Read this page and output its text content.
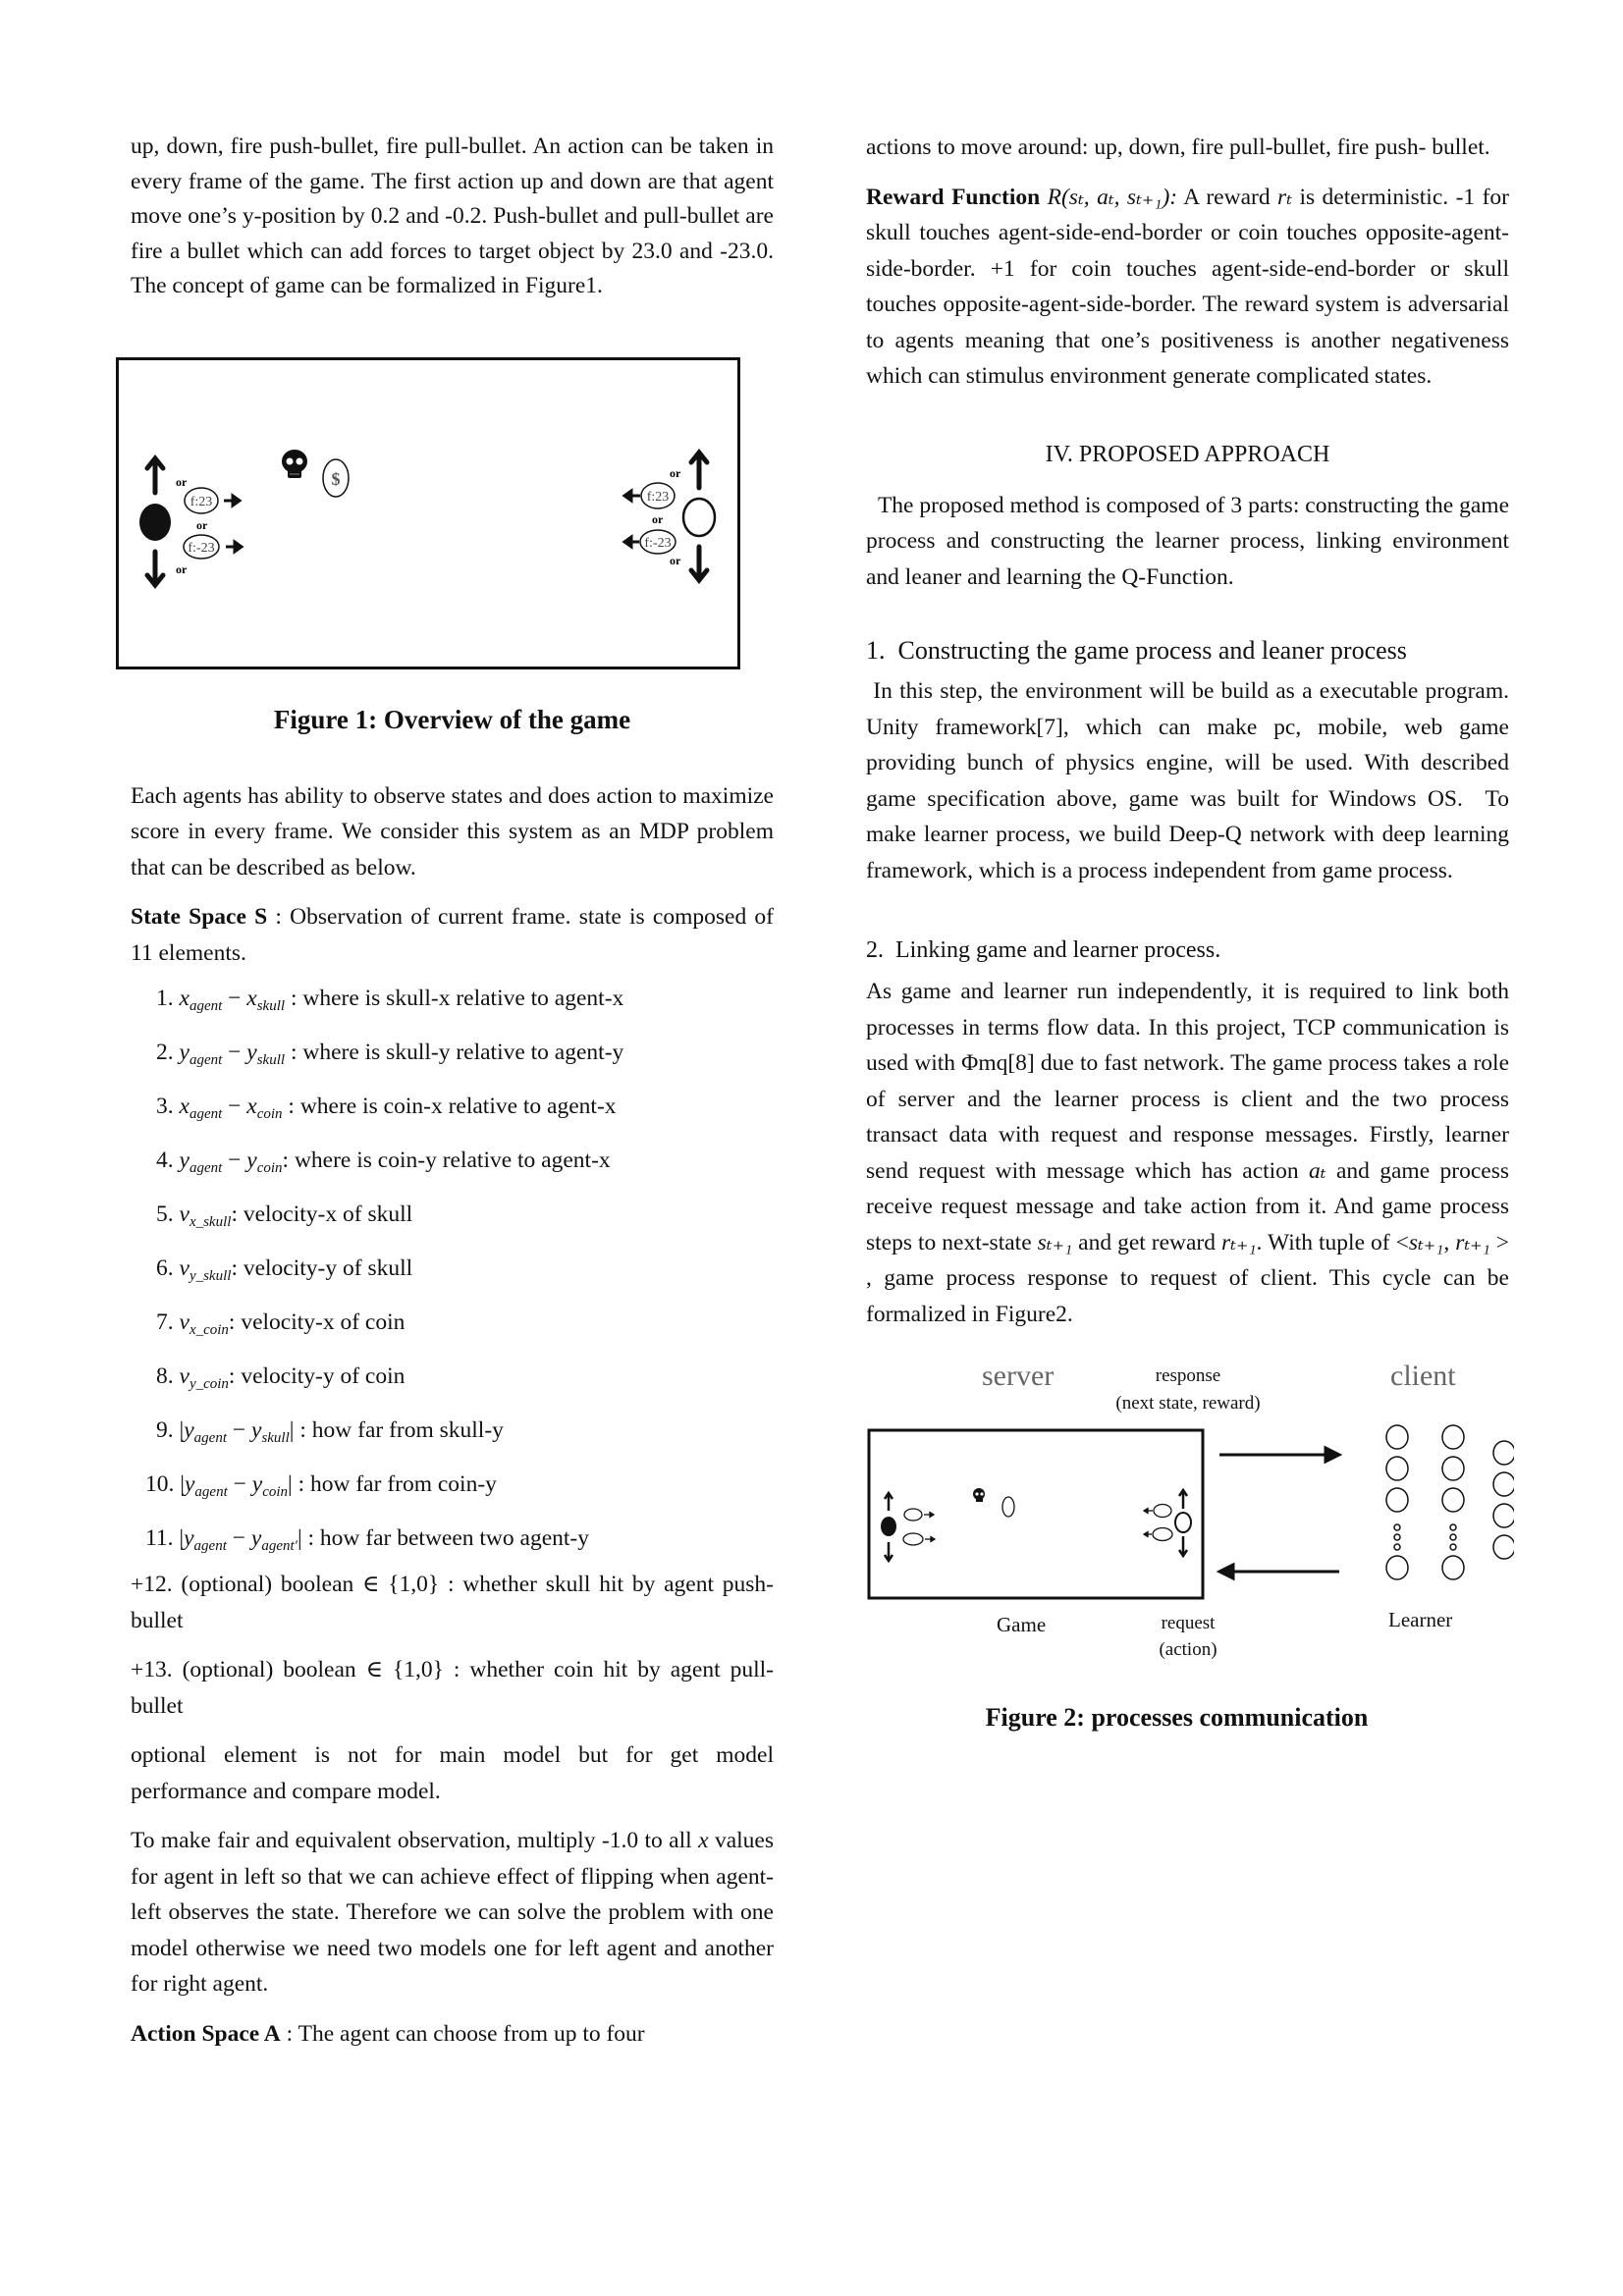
up, down, fire push-bullet, fire pull-bullet. An action can be taken in every frame of the game. The first action up and down are that agent move one’s y-position by 0.2 and -0.2. Push-bullet and pull-bullet are fire a bullet which can add forces to target object by 23.0 and -23.0. The concept of game can be formalized in Figure1.

or
or
or
f:23
f:-23
$	or
or
or
f:23
f:-23
Figure 1: Overview of the game

Each agents has ability to observe states and does action to maximize score in every frame. We consider this system as an MDP problem that can be described as below.

State Space S : Observation of current frame. state is composed of 11 elements.

1. $x_{agent} - x_{skull}$ : where is skull-x relative to agent-x
2. $y_{agent} - y_{skull}$ : where is skull-y relative to agent-y
3. $x_{agent} - x_{coin}$ : where is coin-x relative to agent-x
4. $y_{agent} - y_{coin}$: where is coin-y relative to agent-x
5. $v_{x\_skull}$: velocity-x of skull
6. $v_{y\_skull}$: velocity-y of skull
7. $v_{x\_coin}$: velocity-x of coin
8. $v_{y\_coin}$: velocity-y of coin
9. $|y_{agent} - y_{skull}|$ : how far from skull-y
10. $|y_{agent} - y_{coin}|$ : how far from coin-y
11. $|y_{agent} - y_{agent'}|$ : how far between two agent-y

+12. (optional) boolean ∈ {1,0} : whether skull hit by agent push-bullet

+13. (optional) boolean ∈ {1,0} : whether coin hit by agent pull-bullet

optional element is not for main model but for get model performance and compare model.

To make fair and equivalent observation, multiply -1.0 to all x values for agent in left so that we can achieve effect of flipping when agent-left observes the state. Therefore we can solve the problem with one model otherwise we need two models one for left agent and another for right agent.

Action Space A : The agent can choose from up to four

actions to move around: up, down, fire pull-bullet, fire push- bullet.

Reward Function R(sₜ, aₜ, sₜ₊₁): A reward rₜ is deterministic. -1 for skull touches agent-side-end-border or coin touches opposite-agent-side-border. +1 for coin touches agent-side-end-border or skull touches opposite-agent-side-border. The reward system is adversarial to agents meaning that one’s positiveness is another negativeness which can stimulus environment generate complicated states.

IV. PROPOSED APPROACH

The proposed method is composed of 3 parts: constructing the game process and constructing the learner process, linking environment and leaner and learning the Q-Function.

1.  Constructing the game process and leaner process

In this step, the environment will be build as a executable program. Unity framework[7], which can make pc, mobile, web game providing bunch of physics engine, will be used. With described game specification above, game was built for Windows OS.  To make learner process, we build Deep-Q network with deep learning framework, which is a process independent from game process.

2.  Linking game and learner process.

As game and learner run independently, it is required to link both processes in terms flow data. In this project, TCP communication is used with Φmq[8] due to fast network. The game process takes a role of server and the learner process is client and the two process transact data with request and response messages. Firstly, learner send request with message which has action aₜ and game process receive request message and take action from it. And game process steps to next-state sₜ₊₁ and get reward rₜ₊₁. With tuple of <sₜ₊₁, rₜ₊₁ > , game process response to request of client. This cycle can be formalized in Figure2.

server	client
response
(next state, reward)
Game	Learner
request
(action)
Figure 2: processes communication
